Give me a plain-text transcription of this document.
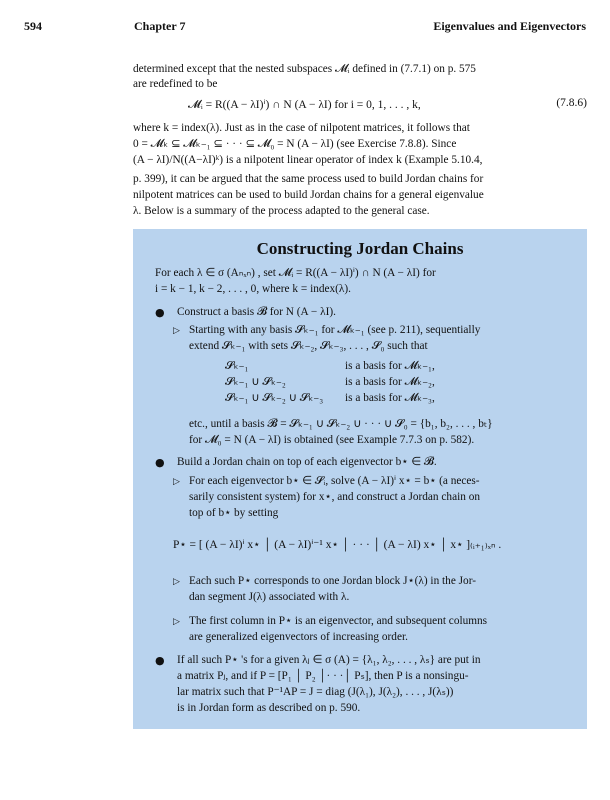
594	Chapter 7	Eigenvalues and Eigenvectors
determined except that the nested subspaces 𝓜ᵢ defined in (7.7.1) on p. 575
are redefined to be
𝓜ᵢ = R((A − λI)ⁱ) ∩ N (A − λI) for i = 0, 1, . . . , k,	(7.8.6)
where k = index(λ). Just as in the case of nilpotent matrices, it follows that
0 = 𝓜ₖ ⊆ 𝓜ₖ₋₁ ⊆ · · · ⊆ 𝓜₀ = N (A − λI) (see Exercise 7.8.8). Since
(A − λI)/N((A−λI)ᵏ) is a nilpotent linear operator of index k (Example 5.10.4,
p. 399), it can be argued that the same process used to build Jordan chains for
nilpotent matrices can be used to build Jordan chains for a general eigenvalue
λ. Below is a summary of the process adapted to the general case.
Constructing Jordan Chains
For each λ ∈ σ (Aₙₓₙ) , set 𝓜ᵢ = R((A − λI)ⁱ) ∩ N (A − λI) for
i = k − 1, k − 2, . . . , 0, where k = index(λ).
● Construct a basis 𝓑 for N (A − λI).
▷ Starting with any basis 𝓢ₖ₋₁ for 𝓜ₖ₋₁ (see p. 211), sequentially
extend 𝓢ₖ₋₁ with sets 𝓢ₖ₋₂, 𝓢ₖ₋₃, . . . , 𝓢₀ such that
𝓢ₖ₋₁	is a basis for 𝓜ₖ₋₁,
𝓢ₖ₋₁ ∪ 𝓢ₖ₋₂	is a basis for 𝓜ₖ₋₂,
𝓢ₖ₋₁ ∪ 𝓢ₖ₋₂ ∪ 𝓢ₖ₋₃ is a basis for 𝓜ₖ₋₃,
etc., until a basis 𝓑 = 𝓢ₖ₋₁ ∪ 𝓢ₖ₋₂ ∪ · · · ∪ 𝓢₀ = {b₁, b₂, . . . , bₜ}
for 𝓜₀ = N (A − λI) is obtained (see Example 7.7.3 on p. 582).
● Build a Jordan chain on top of each eigenvector b⋆ ∈ 𝓑.
▷ For each eigenvector b⋆ ∈ 𝓢ᵢ, solve (A − λI)ⁱ x⋆ = b⋆ (a neces-
sarily consistent system) for x⋆, and construct a Jordan chain on
top of b⋆ by setting
P⋆ = [ (A − λI)ⁱ x⋆ │ (A − λI)ⁱ⁻¹ x⋆ │ · · · │ (A − λI) x⋆ │ x⋆ ]₍ᵢ₊₁₎ₓₙ .
▷ Each such P⋆ corresponds to one Jordan block J⋆(λ) in the Jor-
dan segment J(λ) associated with λ.
▷ The first column in P⋆ is an eigenvector, and subsequent columns
are generalized eigenvectors of increasing order.
● If all such P⋆ 's for a given λⱼ ∈ σ (A) = {λ₁, λ₂, . . . , λₛ} are put in
a matrix Pⱼ, and if P = [P₁ │ P₂ │· · ·│ Pₛ], then P is a nonsingu-
lar matrix such that P⁻¹AP = J = diag (J(λ₁), J(λ₂), . . . , J(λₛ))
is in Jordan form as described on p. 590.
